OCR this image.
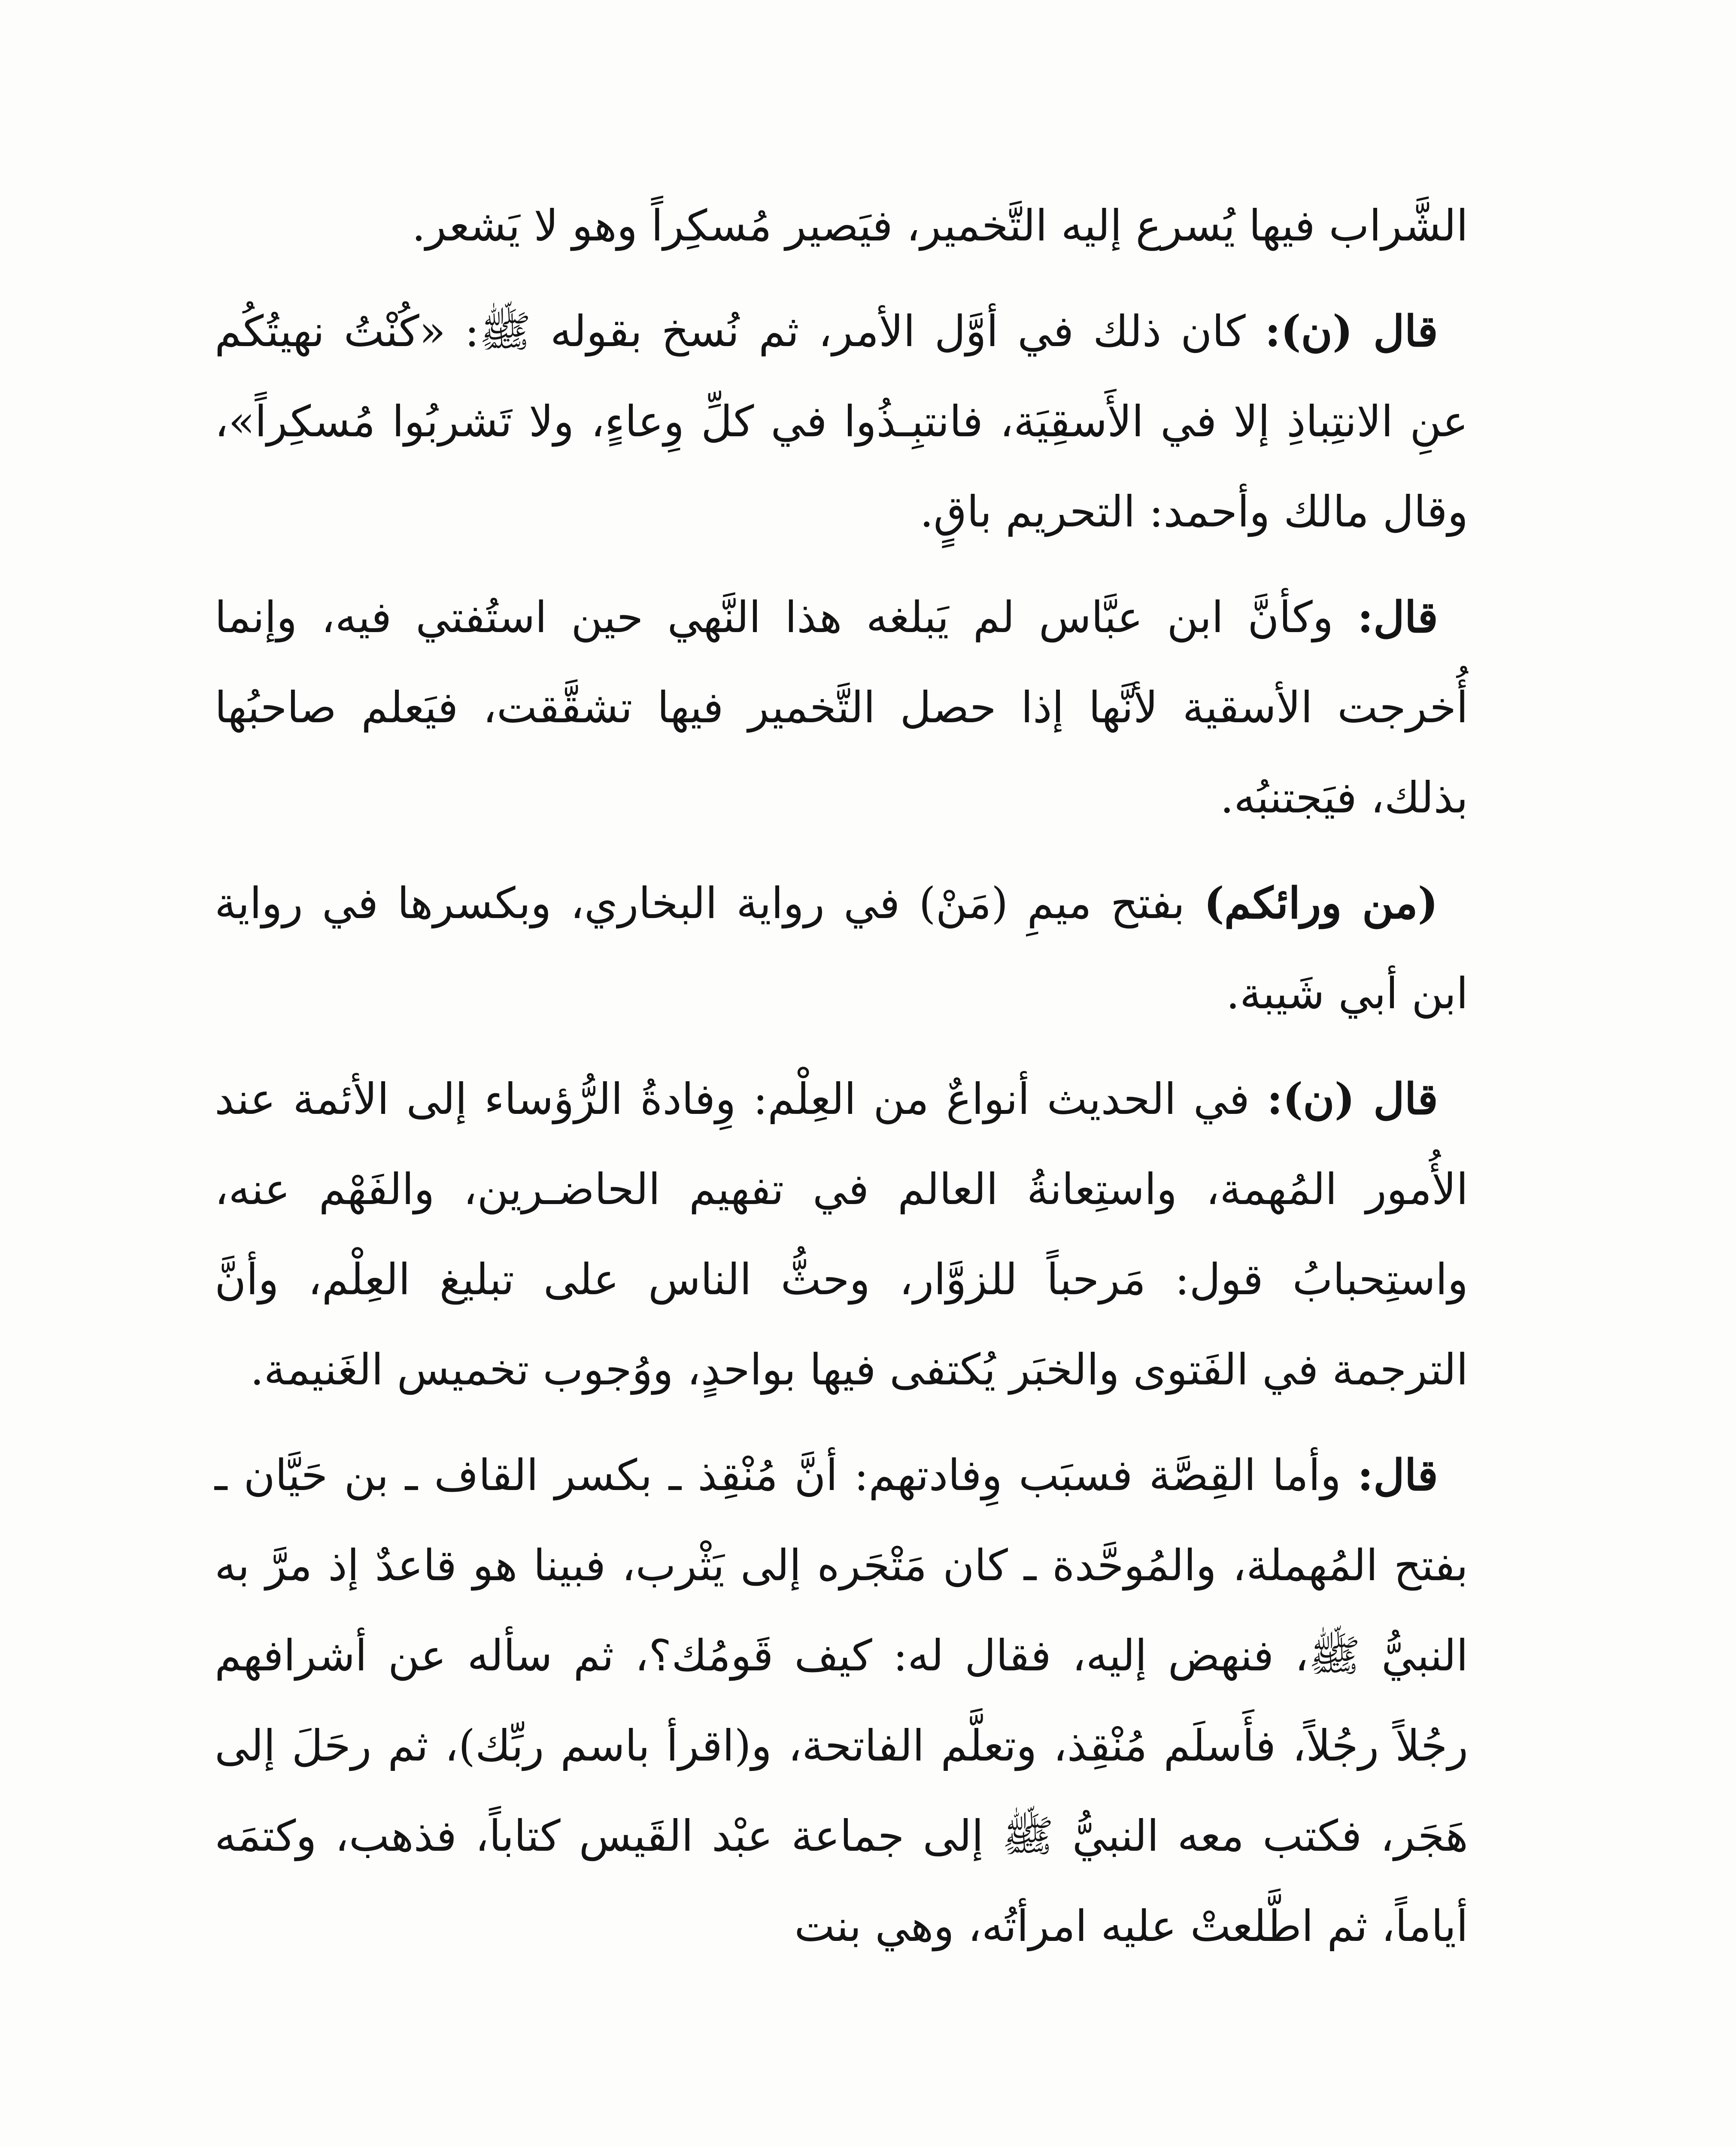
الشَّراب فيها يُسرع إليه التَّخمير، فيَصير مُسكِراً وهو لا يَشعر.

قال (ن): كان ذلك في أوَّل الأمر، ثم نُسخ بقوله ﷺ: «كُنْتُ نهيتُكُم عنِ الانتِباذِ إلا في الأَسقِيَة، فانتبِـذُوا في كلِّ وِعاءٍ، ولا تَشربُوا مُسكِراً»، وقال مالك وأحمد: التحريم باقٍ.

قال: وكأنَّ ابن عبَّاس لم يَبلغه هذا النَّهي حين استُفتي فيه، وإنما أُخرجت الأسقية لأنَّها إذا حصل التَّخمير فيها تشقَّقت، فيَعلم صاحبُها بذلك، فيَجتنبُه.

(من ورائكم) بفتح ميمِ (مَنْ) في رواية البخاري، وبكسرها في رواية ابن أبي شَيبة.

قال (ن): في الحديث أنواعٌ من العِلْم: وِفادةُ الرُّؤساء إلى الأئمة عند الأُمور المُهمة، واستِعانةُ العالم في تفهيم الحاضـرين، والفَهْم عنه، واستِحبابُ قول: مَرحباً للزوَّار، وحثُّ الناس على تبليغ العِلْم، وأنَّ الترجمة في الفَتوى والخبَر يُكتفى فيها بواحدٍ، ووُجوب تخميس الغَنيمة.

قال: وأما القِصَّة فسبَب وِفادتهم: أنَّ مُنْقِذ ـ بكسر القاف ـ بن حَيَّان ـ بفتح المُهملة، والمُوحَّدة ـ كان مَتْجَره إلى يَثْرب، فبينا هو قاعدٌ إذ مرَّ به النبيُّ ﷺ، فنهض إليه، فقال له: كيف قَومُك؟، ثم سأله عن أشرافهم رجُلاً رجُلاً، فأَسلَم مُنْقِذ، وتعلَّم الفاتحة، و(اقرأ باسم ربِّك)، ثم رحَلَ إلى هَجَر، فكتب معه النبيُّ ﷺ إلى جماعة عبْد القَيس كتاباً، فذهب، وكتمَه أياماً، ثم اطَّلعتْ عليه امرأتُه، وهي بنت
